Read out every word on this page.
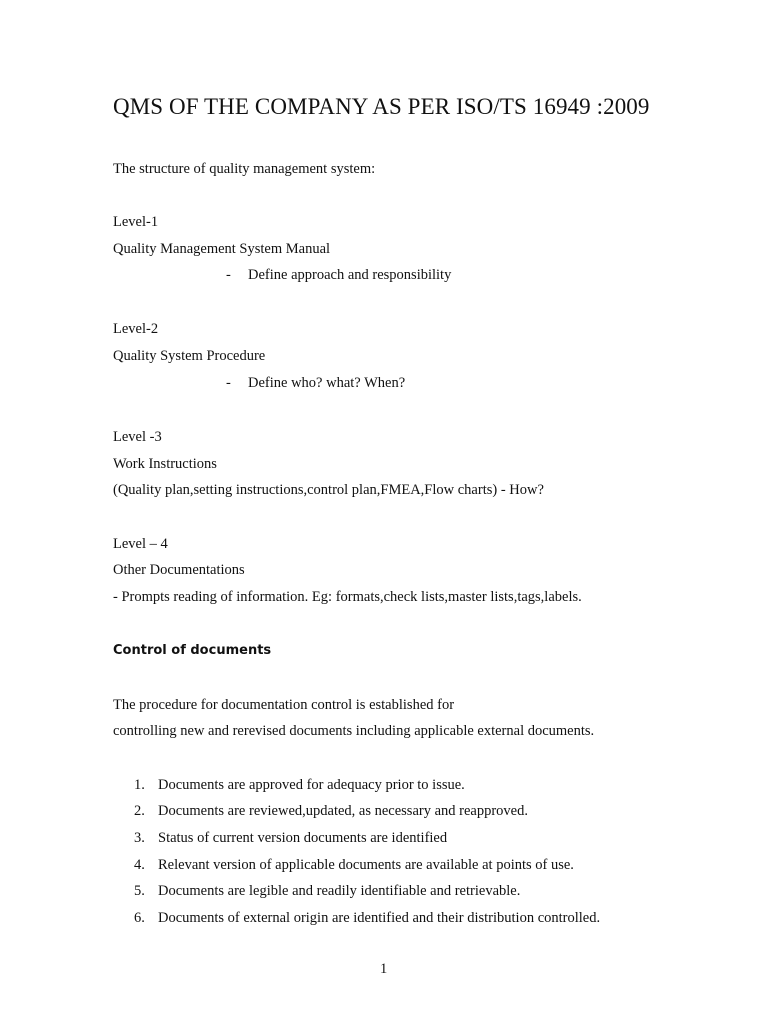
QMS OF THE COMPANY AS PER ISO/TS 16949 :2009
The structure of quality management system:
Level-1
Quality Management System Manual
- Define approach and responsibility
Level-2
Quality System Procedure
- Define who? what? When?
Level -3
Work Instructions
(Quality plan,setting instructions,control plan,FMEA,Flow charts) - How?
Level – 4
Other Documentations
- Prompts reading of information. Eg: formats,check lists,master lists,tags,labels.
Control of documents
The procedure for documentation control is established for
controlling new and rerevised documents including applicable external documents.
1. Documents are approved for adequacy prior to issue.
2. Documents are reviewed,updated, as necessary and reapproved.
3. Status of current version documents are identified
4. Relevant version of applicable documents are available at points of use.
5. Documents are legible and readily identifiable and retrievable.
6. Documents of external origin are identified and their distribution controlled.
1
